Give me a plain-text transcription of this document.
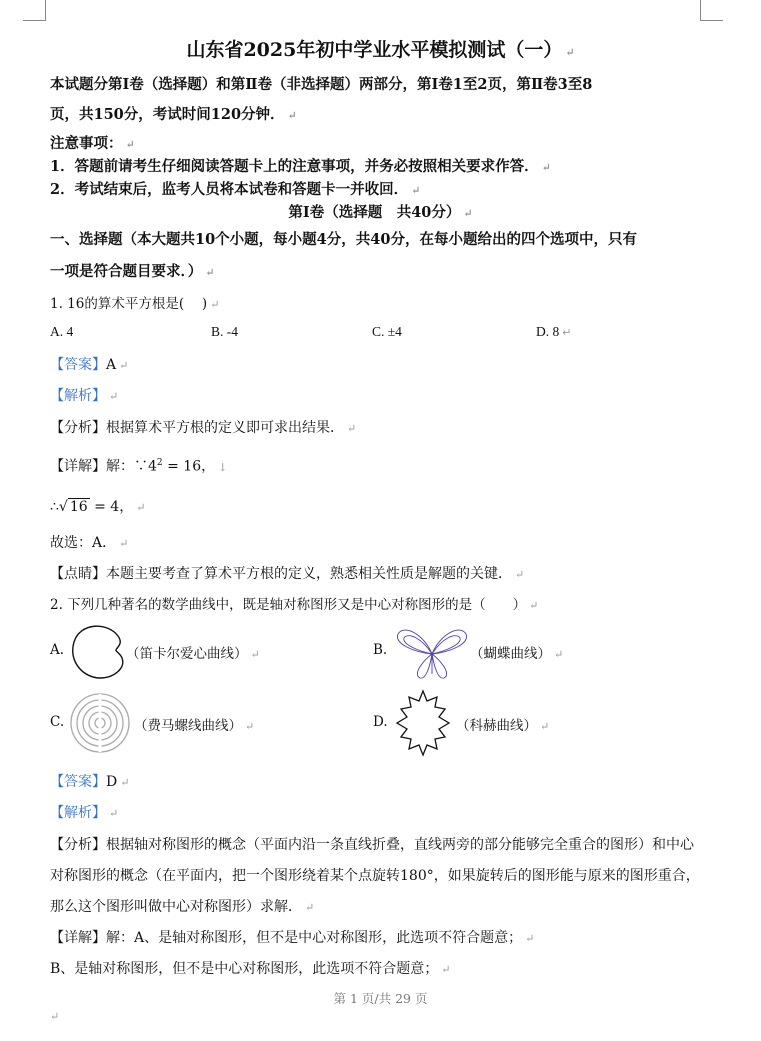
山东省2025年初中学业水平模拟测试（一） ↵
本试题分第Ⅰ卷（选择题）和第Ⅱ卷（非选择题）两部分，第Ⅰ卷1至2页，第Ⅱ卷3至8
页，共150分，考试时间120分钟． ↵
注意事项： ↵
1．答题前请考生仔细阅读答题卡上的注意事项，并务必按照相关要求作答． ↵
2．考试结束后，监考人员将本试卷和答题卡一并收回． ↵
第Ⅰ卷（选择题　共40分） ↵
一、选择题（本大题共10个小题，每小题4分，共40分，在每小题给出的四个选项中，只有
一项是符合题目要求．） ↵
1. 16的算术平方根是(　 ) ↵
A. 4	B. -4	C. ±4	D. 8 ↵
【答案】A ↵
【解析】 ↵
【分析】根据算术平方根的定义即可求出结果． ↵
【详解】解：$\because 4^2 = 16$， ↓
∴√ 16 = 4， ↵
故选：A． ↵
【点睛】本题主要考查了算术平方根的定义，熟悉相关性质是解题的关键． ↵
2. 下列几种著名的数学曲线中，既是轴对称图形又是中心对称图形的是（　　） ↵
A.	（笛卡尔爱心曲线） ↵	B.	（蝴蝶曲线） ↵
C.	（费马螺线曲线） ↵	D.	（科赫曲线） ↵
【答案】D ↵
【解析】 ↵
【分析】根据轴对称图形的概念（平面内沿一条直线折叠，直线两旁的部分能够完全重合的图形）和中心
对称图形的概念（在平面内，把一个图形绕着某个点旋转180°，如果旋转后的图形能与原来的图形重合，
那么这个图形叫做中心对称图形）求解． ↵
【详解】解：A、是轴对称图形，但不是中心对称图形，此选项不符合题意； ↵
B、是轴对称图形，但不是中心对称图形，此选项不符合题意； ↵
第 1 页/共 29 页
↵
